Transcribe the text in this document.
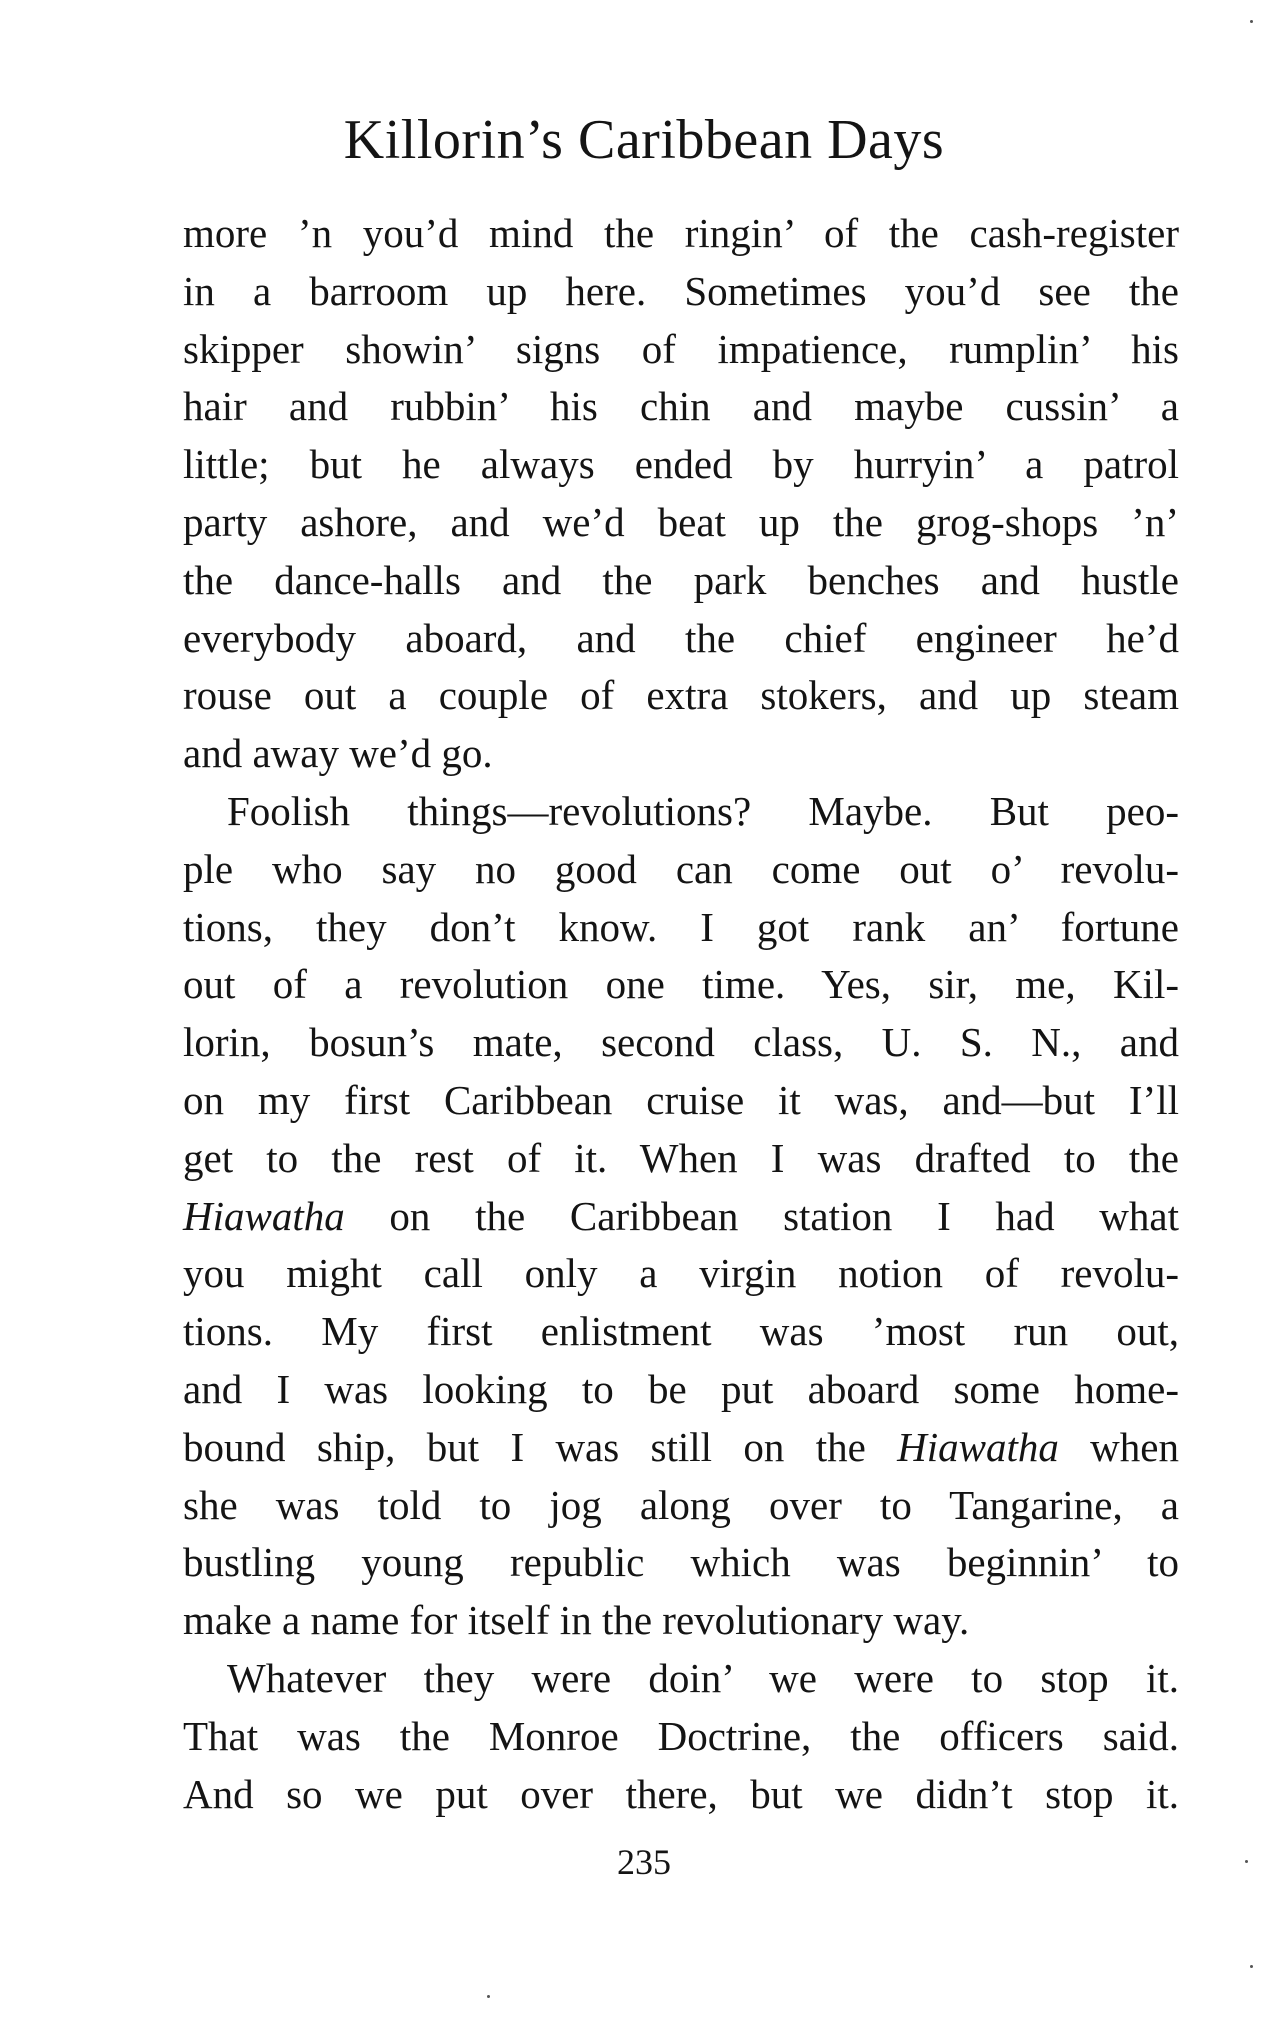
Killorin’s Caribbean Days
more ’n you’d mind the ringin’ of the cash-register
in a barroom up here. Sometimes you’d see the
skipper showin’ signs of impatience, rumplin’ his
hair and rubbin’ his chin and maybe cussin’ a
little; but he always ended by hurryin’ a patrol
party ashore, and we’d beat up the grog-shops ’n’
the dance-halls and the park benches and hustle
everybody aboard, and the chief engineer he’d
rouse out a couple of extra stokers, and up steam
and away we’d go.
Foolish things—revolutions? Maybe. But peo-
ple who say no good can come out o’ revolu-
tions, they don’t know. I got rank an’ fortune
out of a revolution one time. Yes, sir, me, Kil-
lorin, bosun’s mate, second class, U. S. N., and
on my first Caribbean cruise it was, and—but I’ll
get to the rest of it. When I was drafted to the
Hiawatha on the Caribbean station I had what
you might call only a virgin notion of revolu-
tions. My first enlistment was ’most run out,
and I was looking to be put aboard some home-
bound ship, but I was still on the Hiawatha when
she was told to jog along over to Tangarine, a
bustling young republic which was beginnin’ to
make a name for itself in the revolutionary way.
Whatever they were doin’ we were to stop it.
That was the Monroe Doctrine, the officers said.
And so we put over there, but we didn’t stop it.
235
